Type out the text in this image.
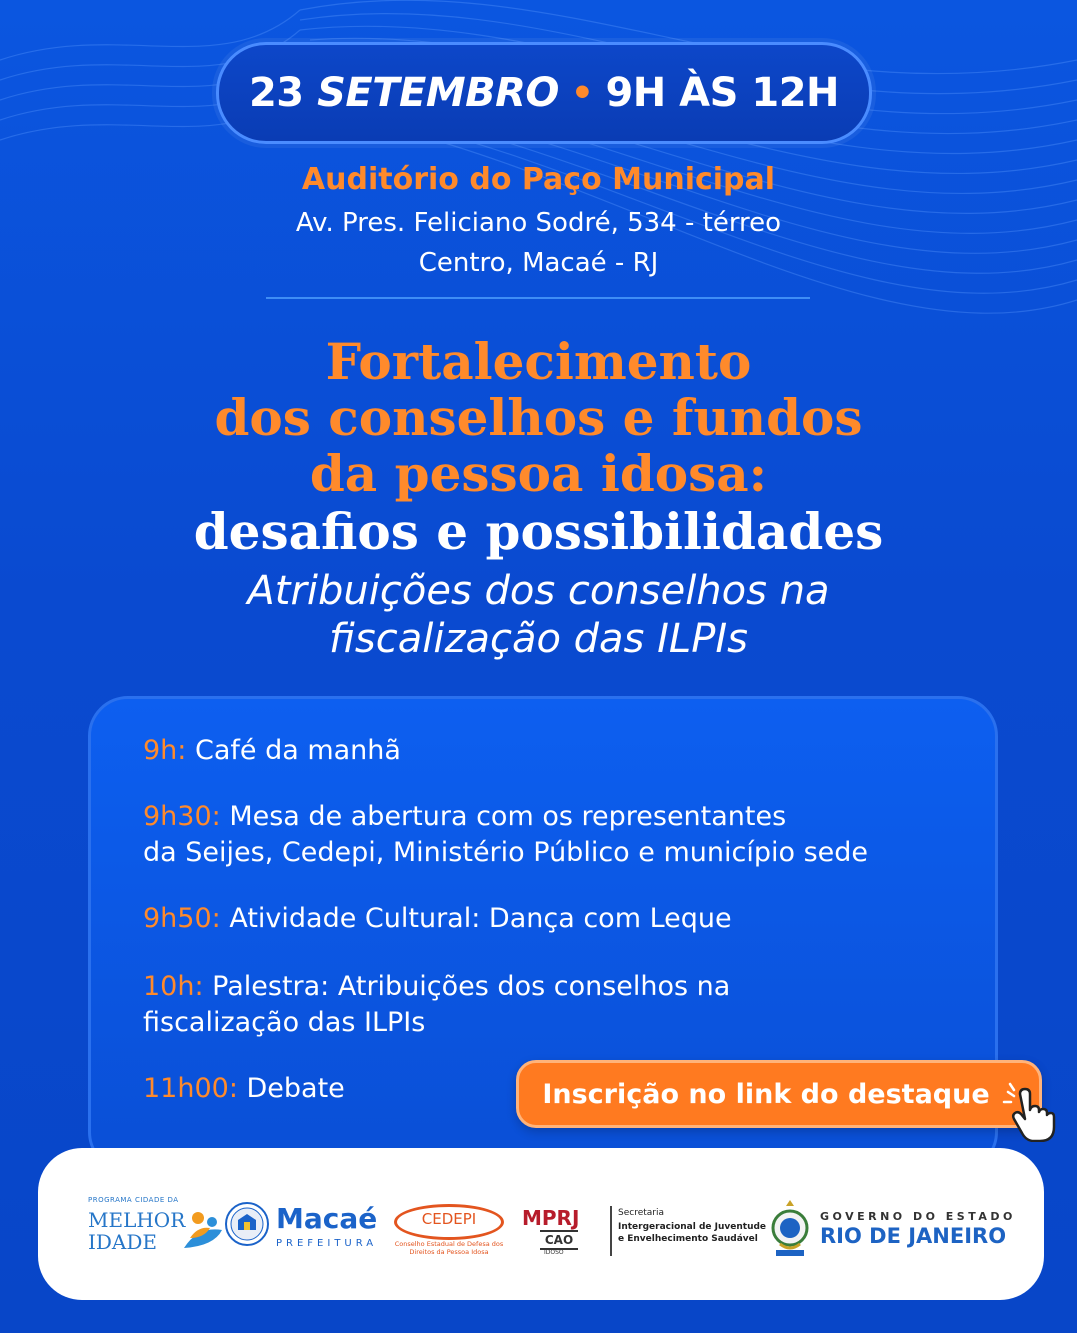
23 SETEMBRO • 9H ÀS 12H
Auditório do Paço Municipal
Av. Pres. Feliciano Sodré, 534 - térreo
Centro, Macaé - RJ
Fortalecimento
dos conselhos e fundos
da pessoa idosa:
desafios e possibilidades
Atribuições dos conselhos na
fiscalização das ILPIs
9h: Café da manhã
9h30: Mesa de abertura com os representantes
da Seijes, Cedepi, Ministério Público e município sede
9h50: Atividade Cultural: Dança com Leque
10h: Palestra: Atribuições dos conselhos na
fiscalização das ILPIs
11h00: Debate	Inscrição no link do destaque
PROGRAMA CIDADE DA
MELHOR
IDADE
Macaé
PREFEITURA
CEDEPI
Conselho Estadual de Defesa dos
Direitos da Pessoa Idosa
MPRJ
CAO
IDOSO
Secretaria
Intergeracional de Juventude
e Envelhecimento Saudável
GOVERNO DO ESTADO
RIO DE JANEIRO
